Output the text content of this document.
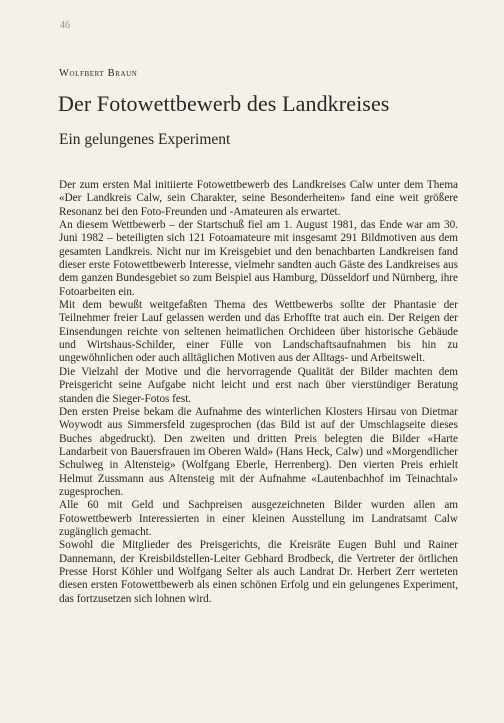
46
Wolfbert Braun
Der Fotowettbewerb des Landkreises
Ein gelungenes Experiment

Der zum ersten Mal initiierte Fotowettbewerb des Landkreises Calw unter dem Thema «Der Landkreis Calw, sein Charakter, seine Besonderheiten» fand eine weit größere Resonanz bei den Foto-Freunden und -Amateuren als erwartet.

An diesem Wettbewerb – der Startschuß fiel am 1. August 1981, das Ende war am 30. Juni 1982 – beteiligten sich 121 Fotoamateure mit insgesamt 291 Bildmotiven aus dem gesamten Landkreis. Nicht nur im Kreisgebiet und den benachbarten Landkreisen fand dieser erste Fotowettbewerb Interesse, vielmehr sandten auch Gäste des Landkreises aus dem ganzen Bundesgebiet so zum Beispiel aus Hamburg, Düsseldorf und Nürnberg, ihre Fotoarbeiten ein.

Mit dem bewußt weitgefaßten Thema des Wettbewerbs sollte der Phantasie der Teilnehmer freier Lauf gelassen werden und das Erhoffte trat auch ein. Der Reigen der Einsendungen reichte von seltenen heimatlichen Orchideen über historische Gebäude und Wirtshaus-Schilder, einer Fülle von Landschaftsaufnahmen bis hin zu ungewöhnlichen oder auch alltäglichen Motiven aus der Alltags- und Arbeitswelt.

Die Vielzahl der Motive und die hervorragende Qualität der Bilder machten dem Preisgericht seine Aufgabe nicht leicht und erst nach über vierstündiger Beratung standen die Sieger-Fotos fest.

Den ersten Preise bekam die Aufnahme des winterlichen Klosters Hirsau von Dietmar Woywodt aus Simmersfeld zugesprochen (das Bild ist auf der Umschlagseite dieses Buches abgedruckt). Den zweiten und dritten Preis belegten die Bilder «Harte Landarbeit von Bauersfrauen im Oberen Wald» (Hans Heck, Calw) und «Morgendlicher Schulweg in Altensteig» (Wolfgang Eberle, Herrenberg). Den vierten Preis erhielt Helmut Zussmann aus Altensteig mit der Aufnahme «Lautenbachhof im Teinachtal» zugesprochen.

Alle 60 mit Geld und Sachpreisen ausgezeichneten Bilder wurden allen am Fotowettbewerb Interessierten in einer kleinen Ausstellung im Landratsamt Calw zugänglich gemacht.

Sowohl die Mitglieder des Preisgerichts, die Kreisräte Eugen Buhl und Rainer Dannemann, der Kreisbildstellen-Leiter Gebhard Brodbeck, die Vertreter der örtlichen Presse Horst Köhler und Wolfgang Selter als auch Landrat Dr. Herbert Zerr werteten diesen ersten Fotowettbewerb als einen schönen Erfolg und ein gelungenes Experiment, das fortzusetzen sich lohnen wird.
